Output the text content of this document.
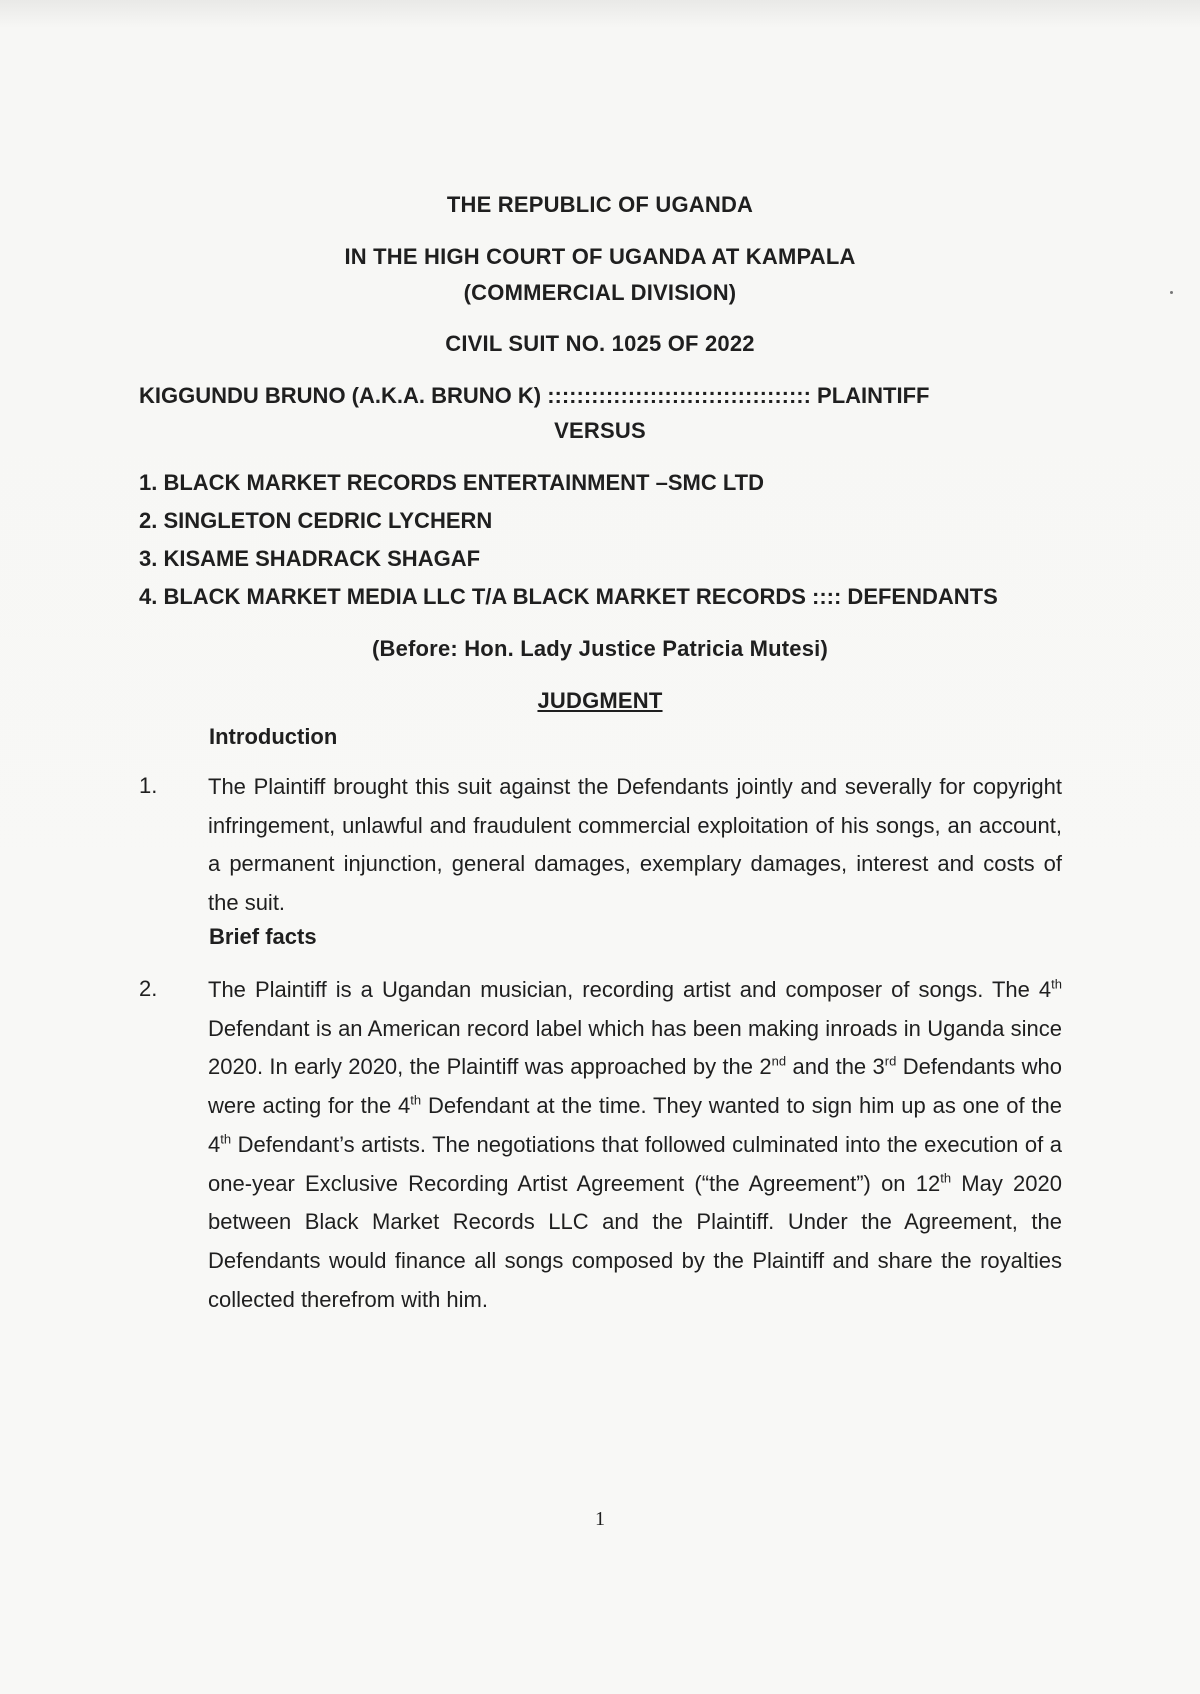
THE REPUBLIC OF UGANDA
IN THE HIGH COURT OF UGANDA AT KAMPALA
(COMMERCIAL DIVISION)
CIVIL SUIT NO. 1025 OF 2022
KIGGUNDU BRUNO (A.K.A. BRUNO K) :::::::::::::::::::::::::::::::::::: PLAINTIFF
VERSUS
1. BLACK MARKET RECORDS ENTERTAINMENT –SMC LTD
2. SINGLETON CEDRIC LYCHERN
3. KISAME SHADRACK SHAGAF
4. BLACK MARKET MEDIA LLC T/A BLACK MARKET RECORDS :::: DEFENDANTS
(Before: Hon. Lady Justice Patricia Mutesi)
JUDGMENT
Introduction
1. The Plaintiff brought this suit against the Defendants jointly and severally for copyright infringement, unlawful and fraudulent commercial exploitation of his songs, an account, a permanent injunction, general damages, exemplary damages, interest and costs of the suit.

Brief facts
2. The Plaintiff is a Ugandan musician, recording artist and composer of songs. The 4th Defendant is an American record label which has been making inroads in Uganda since 2020. In early 2020, the Plaintiff was approached by the 2nd and the 3rd Defendants who were acting for the 4th Defendant at the time. They wanted to sign him up as one of the 4th Defendant’s artists. The negotiations that followed culminated into the execution of a one-year Exclusive Recording Artist Agreement (“the Agreement”) on 12th May 2020 between Black Market Records LLC and the Plaintiff. Under the Agreement, the Defendants would finance all songs composed by the Plaintiff and share the royalties collected therefrom with him.

1
